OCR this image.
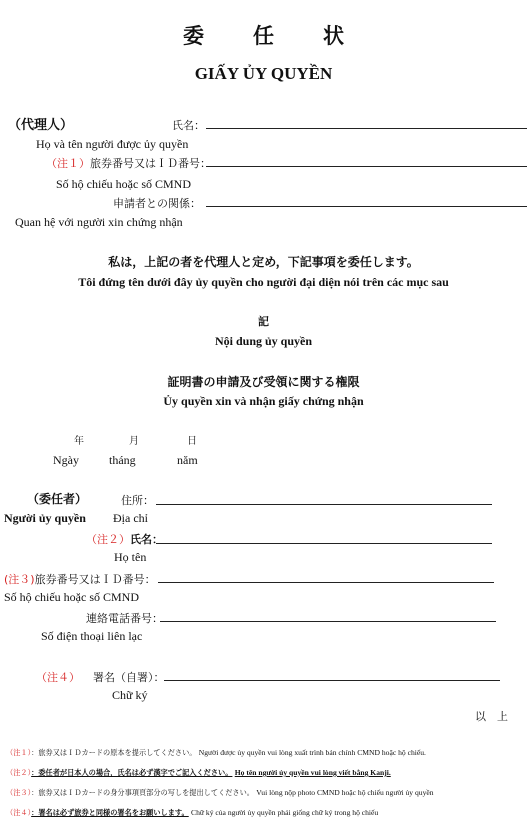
委　任　状
GIẤY ỦY QUYỀN
（代理人）	氏名：
Họ và tên người được ủy quyền
（注１）旅券番号又はＩＤ番号：
Số hộ chiếu hoặc số CMND
申請者との関係：
Quan hệ với người xin chứng nhận
私は，上記の者を代理人と定め，下記事項を委任します。
Tôi đứng tên dưới đây ủy quyền cho người đại diện nói trên các mục sau
記
Nội dung ủy quyền
証明書の申請及び受領に関する権限
Ủy quyền xin và nhận giấy chứng nhận
年	月	日
Ngày	tháng	năm
（委任者）	住所：
Người ủy quyền Địa chỉ
（注２）氏名：
Họ tên
(注３)旅券番号又はＩＤ番号：
Số hộ chiếu hoặc số CMND
連絡電話番号：
Số điện thoại liên lạc
（注４） 署名（自署）：
Chữ ký
以　上
（注１）：旅券又はＩＤカードの原本を提示してください。 Người được ủy quyền vui lòng xuất trình bản chính CMND hoặc hộ chiếu.
（注２）：委任者が日本人の場合，氏名は必ず漢字でご記入ください。 Họ tên người ủy quyền vui lòng viết bằng Kanji.
（注３）：旅券又はＩＤカードの身分事項頁部分の写しを提出してください。 Vui lòng nộp photo CMND hoặc hộ chiếu người ủy quyền
（注４）：署名は必ず旅券と同様の署名をお願いします。 Chữ ký của người ủy quyền phải giống chữ ký trong hộ chiếu
